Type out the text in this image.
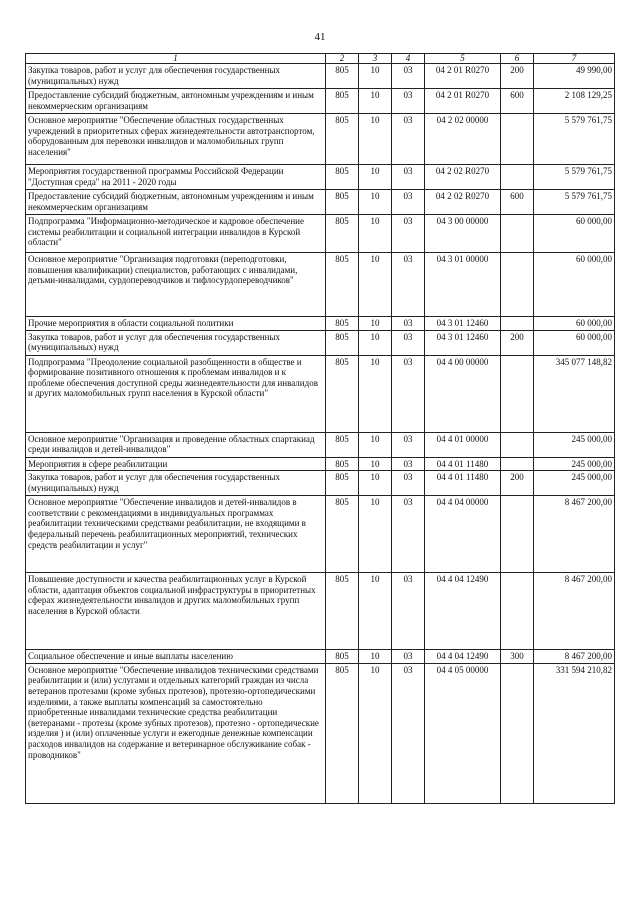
41
1	2	3	4	5	6	7
Закупка товаров, работ и услуг для обеспечения государственных (муниципальных) нужд	805	10	03	04 2 01 R0270	200	49 990,00
Предоставление субсидий бюджетным, автономным учреждениям и иным некоммерческим организациям	805	10	03	04 2 01 R0270	600	2 108 129,25
Основное мероприятие "Обеспечение областных государственных учреждений в приоритетных сферах жизнедеятельности автотранспортом, оборудованным для перевозки инвалидов и маломобильных групп населения"	805	10	03	04 2 02 00000		5 579 761,75
Мероприятия государственной программы Российской Федерации "Доступная среда" на 2011 - 2020 годы	805	10	03	04 2 02 R0270		5 579 761,75
Предоставление субсидий бюджетным, автономным учреждениям и иным некоммерческим организациям	805	10	03	04 2 02 R0270	600	5 579 761,75
Подпрограмма "Информационно-методическое и кадровое обеспечение системы реабилитации и социальной интеграции инвалидов в Курской области"	805	10	03	04 3 00 00000		60 000,00
Основное мероприятие "Организация подготовки (переподготовки, повышения квалификации) специалистов, работающих с инвалидами, детьми-инвалидами, сурдопереводчиков и тифлосурдопереводчиков"	805	10	03	04 3 01 00000		60 000,00
Прочие мероприятия в области социальной политики	805	10	03	04 3 01 12460		60 000,00
Закупка товаров, работ и услуг для обеспечения государственных (муниципальных) нужд	805	10	03	04 3 01 12460	200	60 000,00
Подпрограмма "Преодоление социальной разобщенности в обществе и формирование позитивного отношения к проблемам инвалидов и к проблеме обеспечения доступной среды жизнедеятельности для инвалидов и других маломобильных групп населения в Курской области"	805	10	03	04 4 00 00000		345 077 148,82
Основное мероприятие "Организация и проведение областных спартакиад среди инвалидов и детей-инвалидов"	805	10	03	04 4 01 00000		245 000,00
Мероприятия в сфере реабилитации	805	10	03	04 4 01 11480		245 000,00
Закупка товаров, работ и услуг для обеспечения государственных (муниципальных) нужд	805	10	03	04 4 01 11480	200	245 000,00
Основное мероприятие "Обеспечение инвалидов и детей-инвалидов в соответствии с рекомендациями в индивидуальных программах реабилитации техническими средствами реабилитации, не входящими в федеральный перечень реабилитационных мероприятий, технических средств реабилитации и услуг"	805	10	03	04 4 04 00000		8 467 200,00
Повышение доступности и качества реабилитационных услуг в Курской области, адаптация объектов социальной инфраструктуры в приоритетных сферах жизнедеятельности инвалидов и других маломобильных групп населения в Курской области	805	10	03	04 4 04 12490		8 467 200,00
Социальное обеспечение и иные выплаты населению	805	10	03	04 4 04 12490	300	8 467 200,00
Основное мероприятие "Обеспечение инвалидов техническими средствами реабилитации и (или) услугами и отдельных категорий граждан из числа ветеранов протезами (кроме зубных протезов), протезно-ортопедическими изделиями, а также выплаты компенсаций за самостоятельно приобретенные инвалидами технические средства реабилитации (ветеранами - протезы (кроме зубных протезов), протезно - ортопедические изделия ) и (или) оплаченные услуги и ежегодные денежные компенсации расходов инвалидов на содержание и ветеринарное обслуживание собак - проводников"	805	10	03	04 4 05 00000		331 594 210,82
